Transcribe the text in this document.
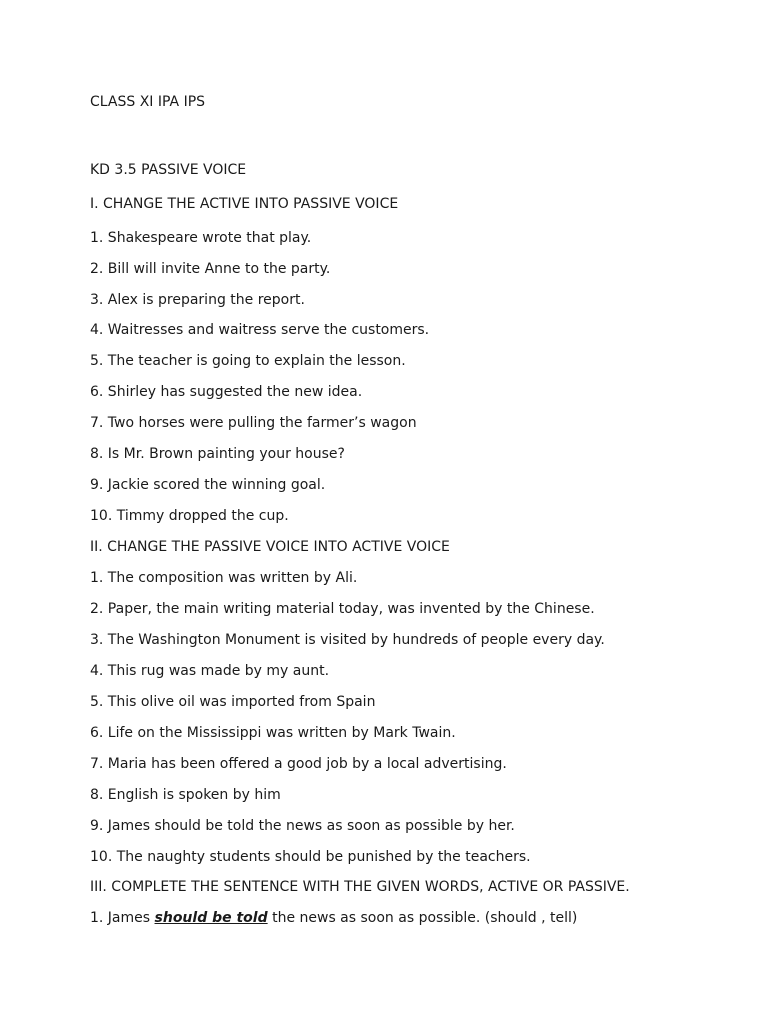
CLASS XI IPA IPS
KD 3.5 PASSIVE VOICE
I. CHANGE THE ACTIVE INTO PASSIVE VOICE
1. Shakespeare wrote that play.
2. Bill will invite Anne to the party.
3. Alex is preparing the report.
4. Waitresses and waitress serve the customers.
5. The teacher is going to explain the lesson.
6. Shirley has suggested the new idea.
7. Two horses were pulling the farmer’s wagon
8. Is Mr. Brown painting your house?
9. Jackie scored the winning goal.
10. Timmy dropped the cup.
II. CHANGE THE PASSIVE VOICE INTO ACTIVE VOICE
1. The composition was written by Ali.
2. Paper, the main writing material today, was invented by the Chinese.
3. The Washington Monument is visited by hundreds of people every day.
4. This rug was made by my aunt.
5. This olive oil was imported from Spain
6. Life on the Mississippi was written by Mark Twain.
7. Maria has been offered a good job by a local advertising.
8. English is spoken by him
9. James should be told the news as soon as possible by her.
10. The naughty students should be punished by the teachers.
III. COMPLETE THE SENTENCE WITH THE GIVEN WORDS, ACTIVE OR PASSIVE.
1. James should be told the news as soon as possible. (should , tell)
